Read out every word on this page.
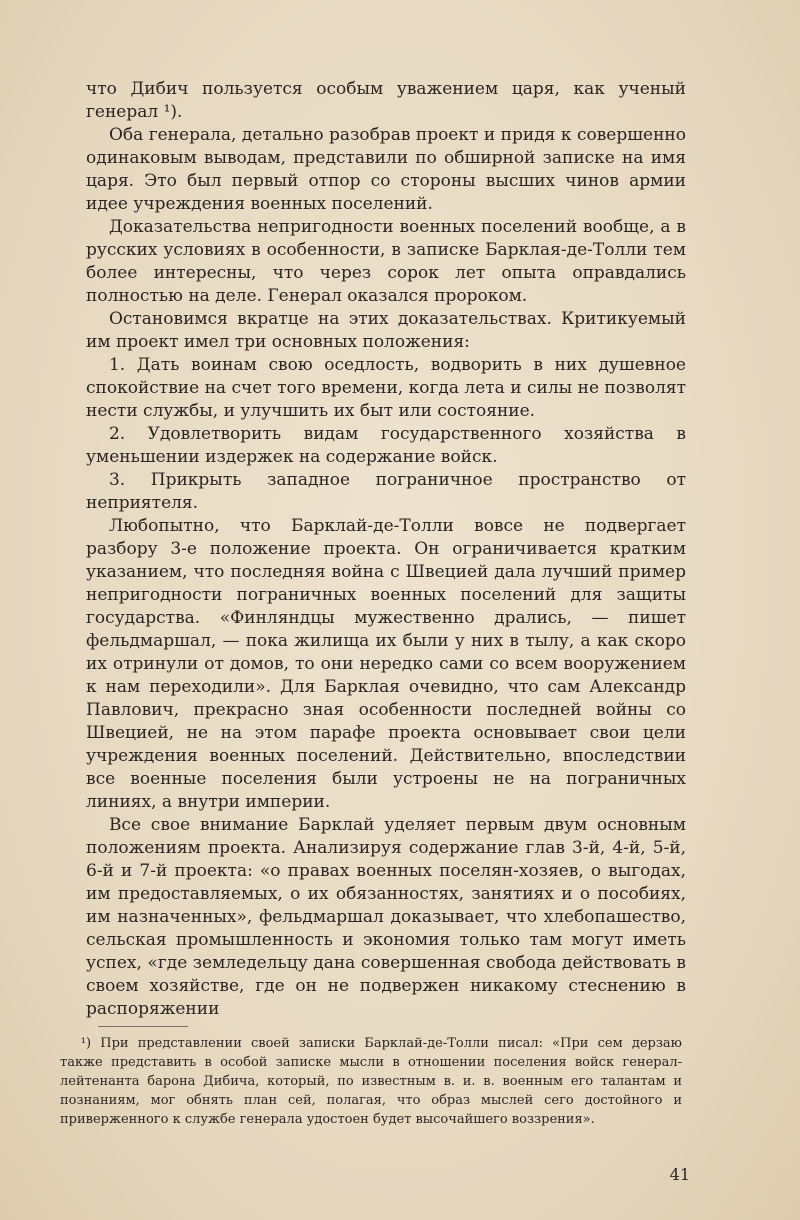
что Дибич пользуется особым уважением царя, как ученый генерал ¹).

Оба генерала, детально разобрав проект и придя к совершенно одинаковым выводам, представили по обширной записке на имя царя. Это был первый отпор со стороны высших чинов армии идее учреждения военных поселений.

Доказательства непригодности военных поселений вообще, а в русских условиях в особенности, в записке Барклая-де-Толли тем более интересны, что через сорок лет опыта оправдались полностью на деле. Генерал оказался пророком.

Остановимся вкратце на этих доказательствах. Критикуемый им проект имел три основных положения:

1. Дать воинам свою оседлость, водворить в них душевное спокойствие на счет того времени, когда лета и силы не позволят нести службы, и улучшить их быт или состояние.

2. Удовлетворить видам государственного хозяйства в уменьшении издержек на содержание войск.

3. Прикрыть западное пограничное пространство от неприятеля.

Любопытно, что Барклай-де-Толли вовсе не подвергает разбору 3-е положение проекта. Он ограничивается кратким указанием, что последняя война с Швецией дала лучший пример непригодности пограничных военных поселений для защиты государства. «Финляндцы мужественно дрались, — пишет фельдмаршал, — пока жилища их были у них в тылу, а как скоро их отринули от домов, то они нередко сами со всем вооружением к нам переходили». Для Барклая очевидно, что сам Александр Павлович, прекрасно зная особенности последней войны со Швецией, не на этом парафе проекта основывает свои цели учреждения военных поселений. Действительно, впоследствии все военные поселения были устроены не на пограничных линиях, а внутри империи.

Все свое внимание Барклай уделяет первым двум основным положениям проекта. Анализируя содержание глав 3-й, 4-й, 5-й, 6-й и 7-й проекта: «о правах военных поселян-хозяев, о выгодах, им предоставляемых, о их обязанностях, занятиях и о пособиях, им назначенных», фельдмаршал доказывает, что хлебопашество, сельская промышленность и экономия только там могут иметь успех, «где земледельцу дана совершенная свобода действовать в своем хозяйстве, где он не подвержен никакому стеснению в распоряжении

¹) При представлении своей записки Барклай-де-Толли писал: «При сем дерзаю также представить в особой записке мысли в отношении поселения войск генерал-лейтенанта барона Дибича, который, по известным в. и. в. военным его талантам и познаниям, мог обнять план сей, полагая, что образ мыслей сего достойного и приверженного к службе генерала удостоен будет высочайшего воззрения».

41
